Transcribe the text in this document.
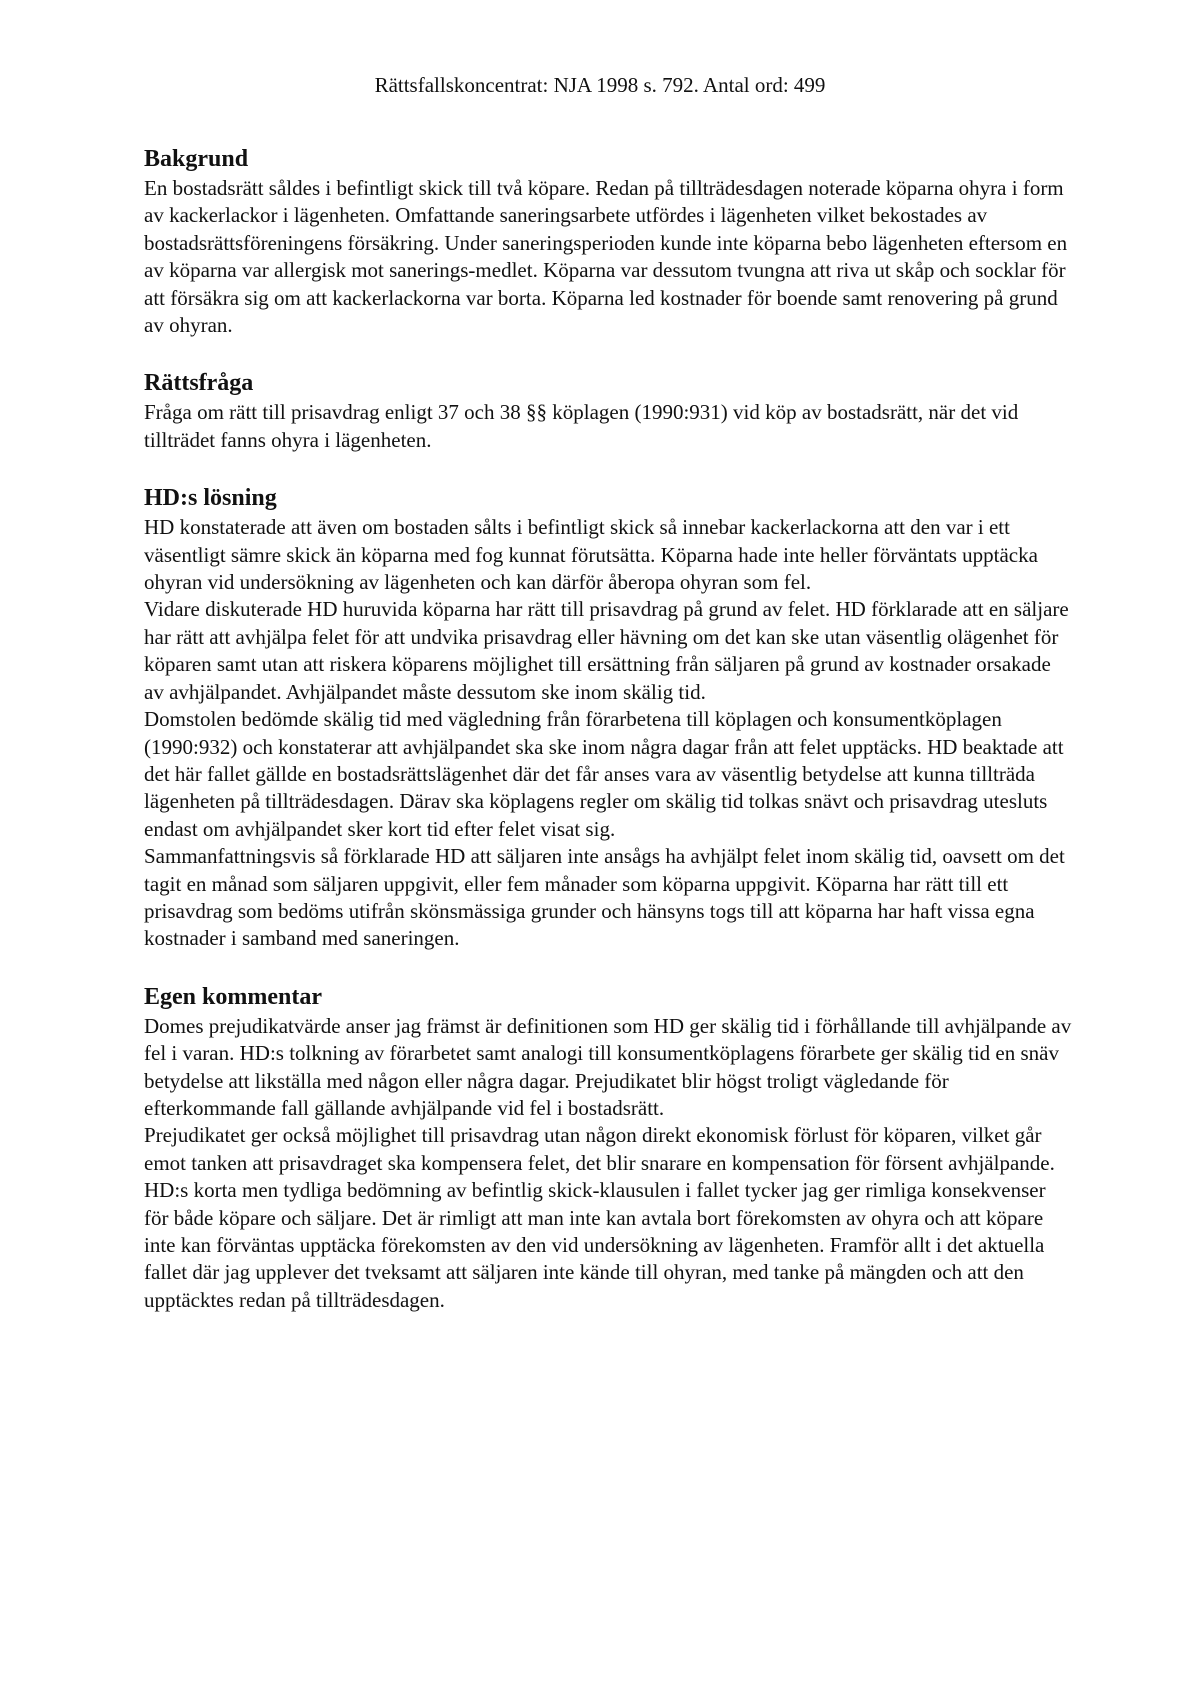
Rättsfallskoncentrat: NJA 1998 s. 792. Antal ord: 499
Bakgrund

En bostadsrätt såldes i befintligt skick till två köpare. Redan på tillträdesdagen noterade köparna ohyra i form av kackerlackor i lägenheten. Omfattande saneringsarbete utfördes i lägenheten vilket bekostades av bostadsrättsföreningens försäkring. Under saneringsperioden kunde inte köparna bebo lägenheten eftersom en av köparna var allergisk mot sanerings-medlet. Köparna var dessutom tvungna att riva ut skåp och socklar för att försäkra sig om att kackerlackorna var borta. Köparna led kostnader för boende samt renovering på grund av ohyran.

Rättsfråga

Fråga om rätt till prisavdrag enligt 37 och 38 §§ köplagen (1990:931) vid köp av bostadsrätt, när det vid tillträdet fanns ohyra i lägenheten.

HD:s lösning

HD konstaterade att även om bostaden sålts i befintligt skick så innebar kackerlackorna att den var i ett väsentligt sämre skick än köparna med fog kunnat förutsätta. Köparna hade inte heller förväntats upptäcka ohyran vid undersökning av lägenheten och kan därför åberopa ohyran som fel.

Vidare diskuterade HD huruvida köparna har rätt till prisavdrag på grund av felet. HD förklarade att en säljare har rätt att avhjälpa felet för att undvika prisavdrag eller hävning om det kan ske utan väsentlig olägenhet för köparen samt utan att riskera köparens möjlighet till ersättning från säljaren på grund av kostnader orsakade av avhjälpandet. Avhjälpandet måste dessutom ske inom skälig tid.

Domstolen bedömde skälig tid med vägledning från förarbetena till köplagen och konsumentköplagen (1990:932) och konstaterar att avhjälpandet ska ske inom några dagar från att felet upptäcks. HD beaktade att det här fallet gällde en bostadsrättslägenhet där det får anses vara av väsentlig betydelse att kunna tillträda lägenheten på tillträdesdagen. Därav ska köplagens regler om skälig tid tolkas snävt och prisavdrag utesluts endast om avhjälpandet sker kort tid efter felet visat sig.

Sammanfattningsvis så förklarade HD att säljaren inte ansågs ha avhjälpt felet inom skälig tid, oavsett om det tagit en månad som säljaren uppgivit, eller fem månader som köparna uppgivit. Köparna har rätt till ett prisavdrag som bedöms utifrån skönsmässiga grunder och hänsyns togs till att köparna har haft vissa egna kostnader i samband med saneringen.

Egen kommentar

Domes prejudikatvärde anser jag främst är definitionen som HD ger skälig tid i förhållande till avhjälpande av fel i varan. HD:s tolkning av förarbetet samt analogi till konsumentköplagens förarbete ger skälig tid en snäv betydelse att likställa med någon eller några dagar. Prejudikatet blir högst troligt vägledande för efterkommande fall gällande avhjälpande vid fel i bostadsrätt.

Prejudikatet ger också möjlighet till prisavdrag utan någon direkt ekonomisk förlust för köparen, vilket går emot tanken att prisavdraget ska kompensera felet, det blir snarare en kompensation för försent avhjälpande.

HD:s korta men tydliga bedömning av befintlig skick-klausulen i fallet tycker jag ger rimliga konsekvenser för både köpare och säljare. Det är rimligt att man inte kan avtala bort förekomsten av ohyra och att köpare inte kan förväntas upptäcka förekomsten av den vid undersökning av lägenheten. Framför allt i det aktuella fallet där jag upplever det tveksamt att säljaren inte kände till ohyran, med tanke på mängden och att den upptäcktes redan på tillträdesdagen.
